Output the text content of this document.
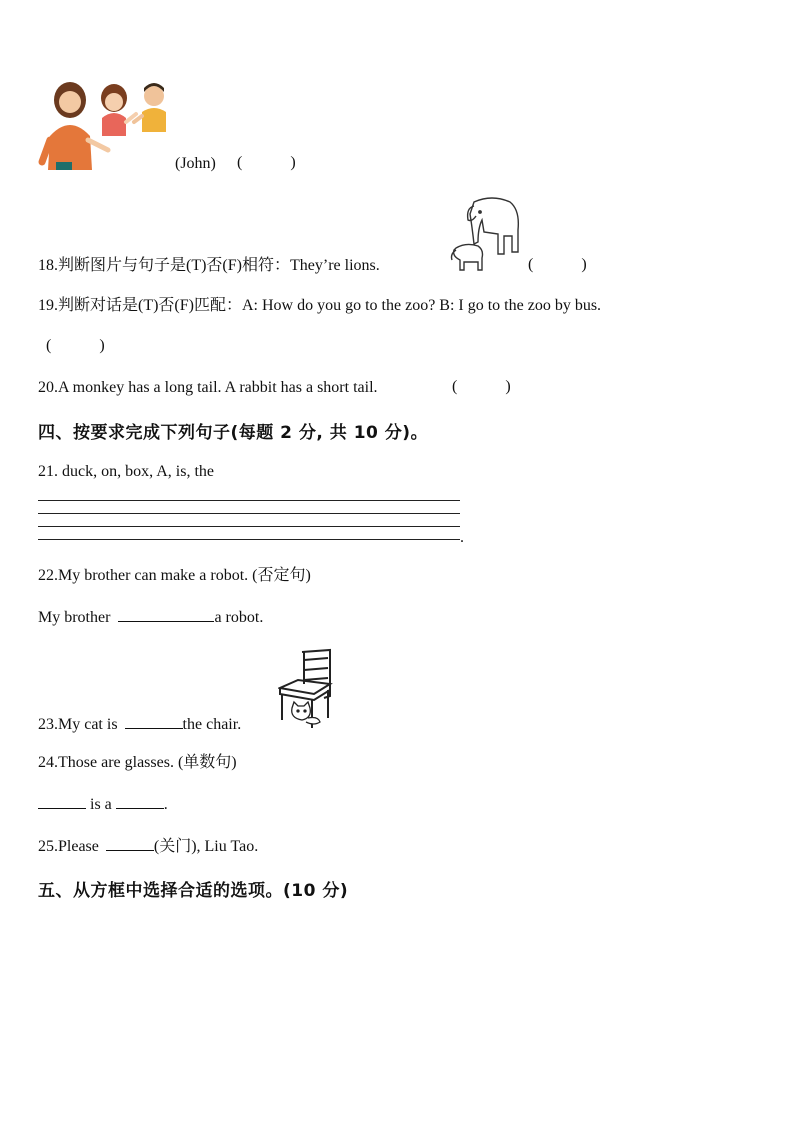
(John) (　　　)
18.判断图片与句子是(T)否(F)相符：They’re lions.	(　　　)
19.判断对话是(T)否(F)匹配：A: How do you go to the zoo? B: I go to the zoo by bus.
(　　　)
20.A monkey has a long tail. A rabbit has a short tail.	(　　　)
四、按要求完成下列句子(每题 2 分, 共 10 分)。
21. duck, on, box, A, is, the
.
22.My brother can make a robot. (否定句)
My brother	a robot.
23.My cat is	the chair.
24.Those are glasses. (单数句)
is a	.
25.Please	(关门), Liu Tao.
五、从方框中选择合适的选项。(10 分)
